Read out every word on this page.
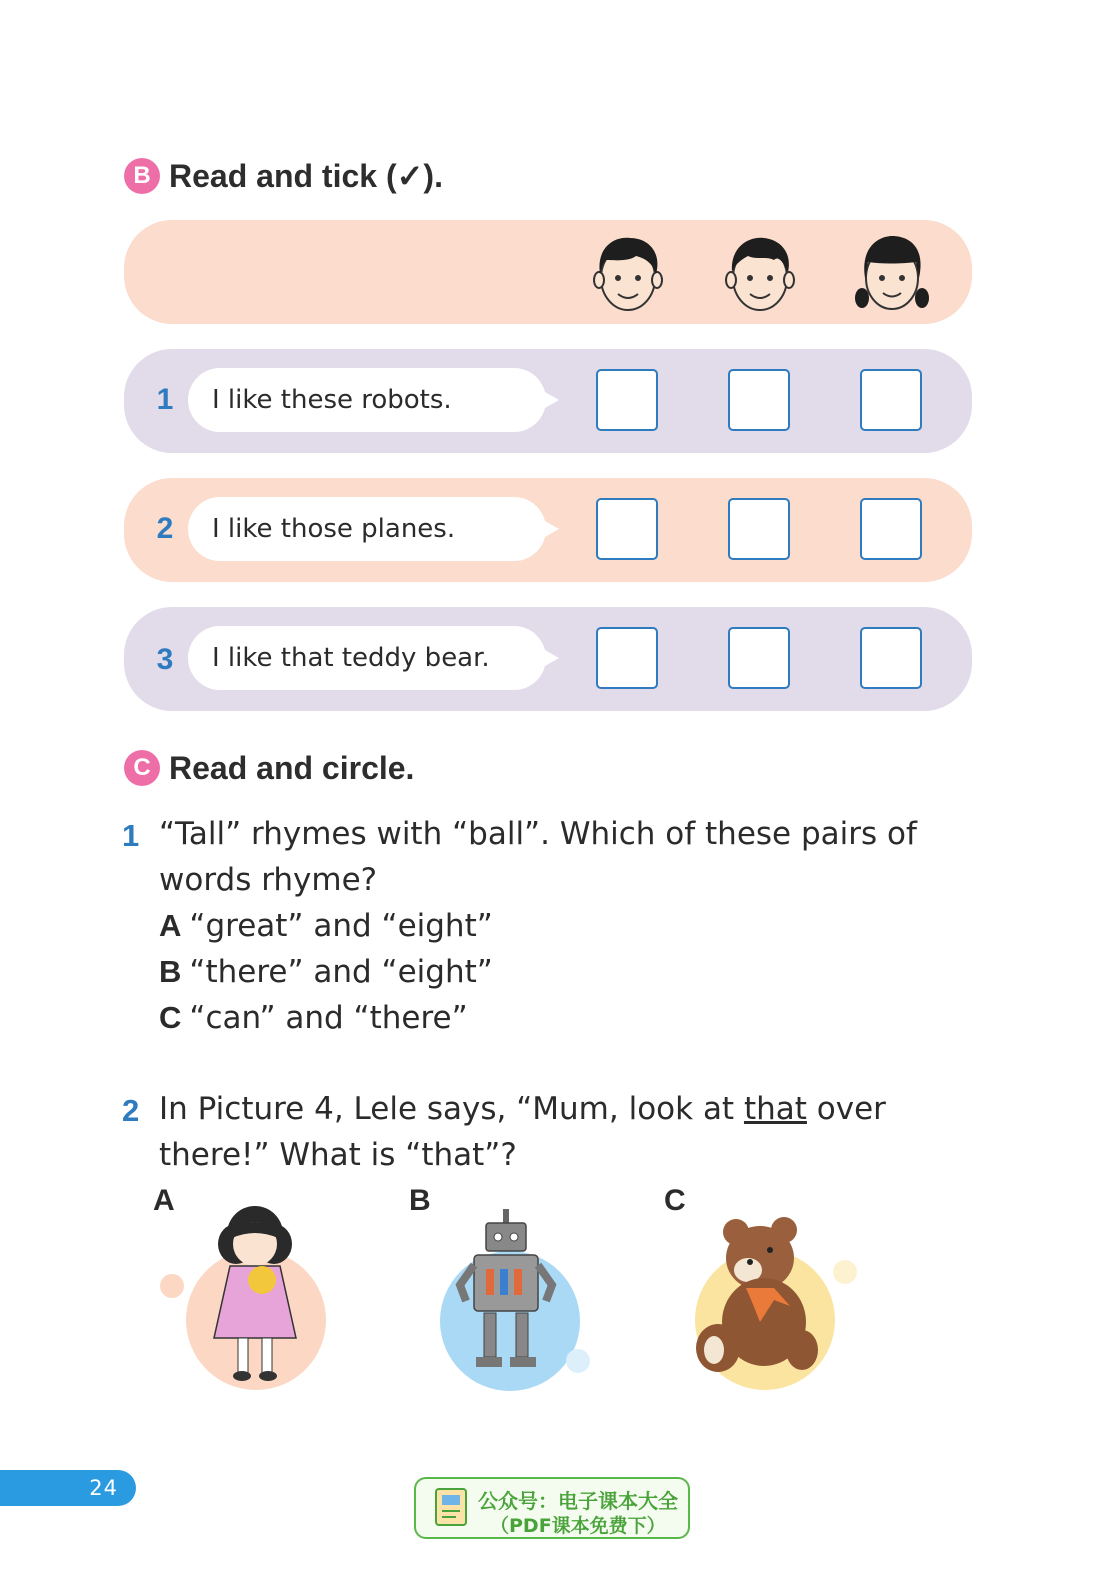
B Read and tick (✓).
1 I like these robots.
2 I like those planes.
3 I like that teddy bear.
C Read and circle.
1 “Tall” rhymes with “ball”. Which of these pairs of
words rhyme?
A “great” and “eight”
B “there” and “eight”
C “can” and “there”
2 In Picture 4, Lele says, “Mum, look at that over
there!” What is “that”?
A	B	C
24
公众号：电子课本大全
（PDF课本免费下）
